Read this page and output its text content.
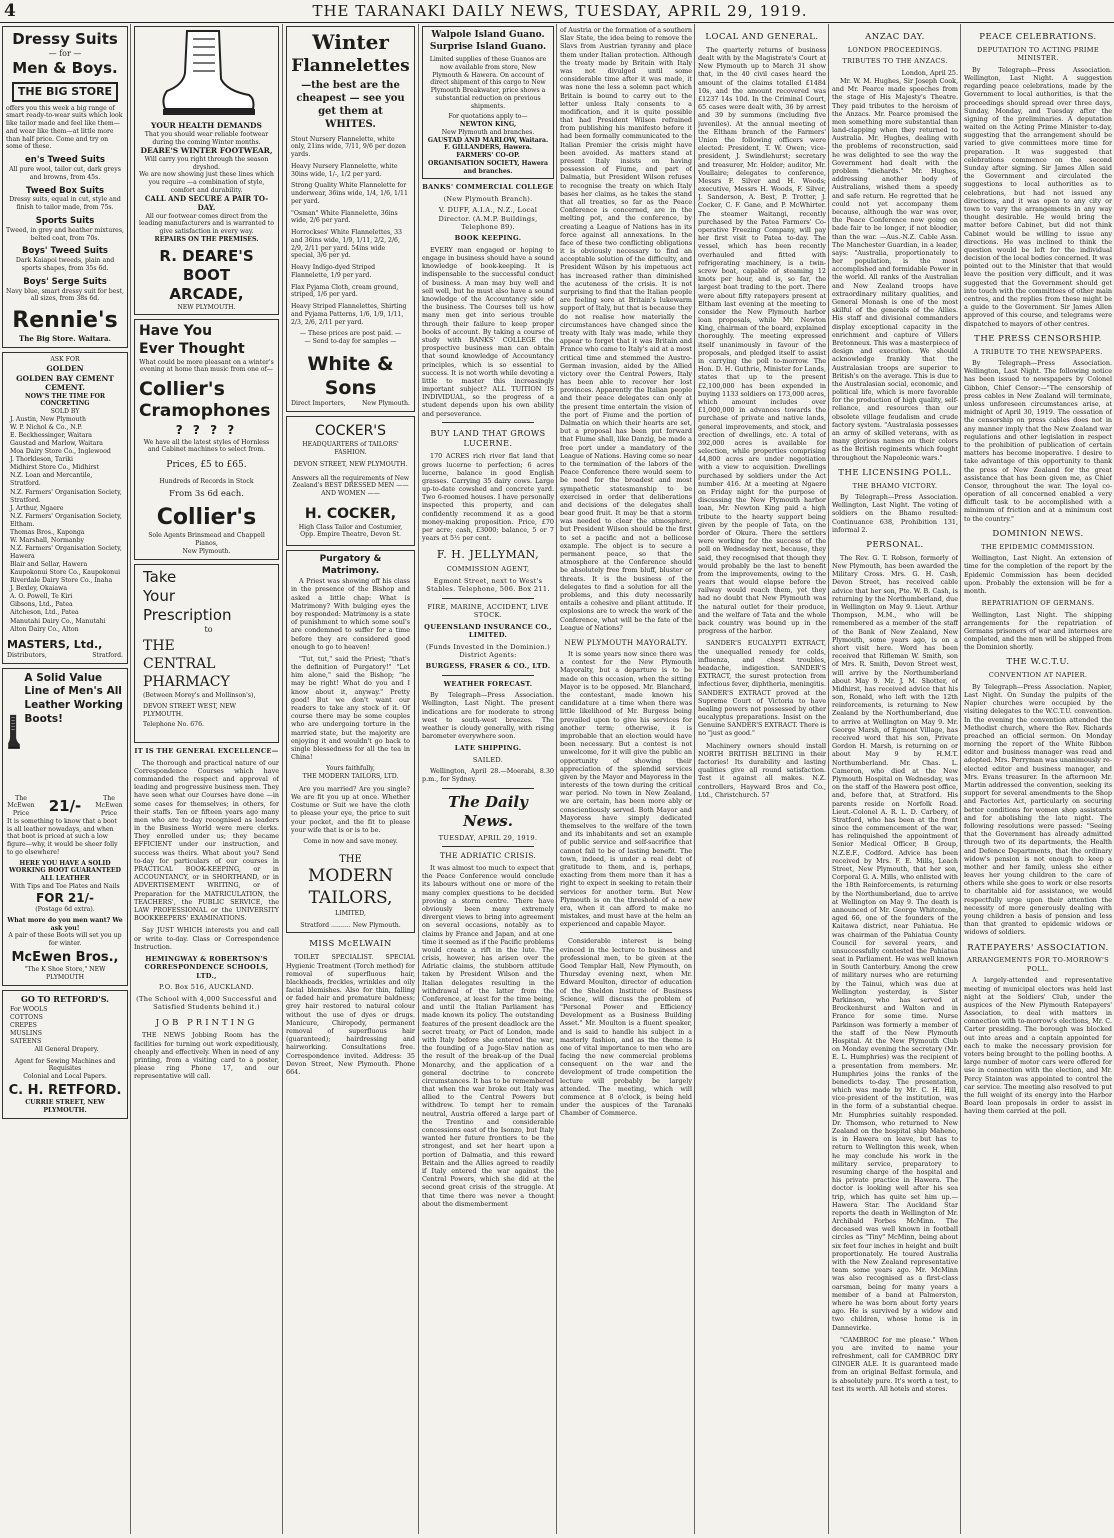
4	THE TARANAKI DAILY NEWS, TUESDAY, APRIL 29, 1919.
Dressy Suits
— for —
Men & Boys.
THE BIG STORE
offers you this week a big range of smart ready-to-wear suits which look like tailor made and feel like them—and wear like them—at little more than half price. Come and try on some of these.
en's Tweed Suits
All pure wool, tailor cut, dark greys and browns, from 45s.
Tweed Box Suits
Dressy suits, equal in cut, style and finish to tailor made, from 75s.
Sports Suits
Tweed, in grey and heather mixtures, belted coat, from 70s.
Boys' Tweed Suits
Dark Kaiapoi tweeds, plain and sports shapes, from 35s 6d.
Boys' Serge Suits
Navy blue, smart dressy suit for best, all sizes, from 38s 6d.
Rennie's
The Big Store. Waitara.
ASK FOR
GOLDEN
GOLDEN BAY CEMENT
CEMENT.
NOW'S THE TIME FOR CONCRETING
SOLD BY
J. Austin, New Plymouth
W. P. Nichol & Co., N.P.
E. Beckhessinger, Waitara
Gaustad and Marlow, Waitara
Moa Dairy Store Co., Inglewood
J. Thorkleson, Tariki
Midhirst Store Co., Midhirst
N.Z. Loan and Mercantile, Stratford.
N.Z. Farmers' Organisation Society, Stratford.
J. Arthur, Ngaere
N.Z. Farmers' Organisation Society, Eltham.
Thomas Bros., Kaponga
W. Marshall, Normanby
N.Z. Farmers' Organisation Society, Hawera
Blair and Sellar, Hawera
Kaupokonui Store Co., Kaupokonui
Riverdale Dairy Store Co., Inaha
J. Bexley, Okaiawa
A. O. Powell, Te Kiri
Gibsons, Ltd., Patea
Aitcheson, Ltd., Patea
Manutahi Dairy Co., Manutahi
Alton Dairy Co., Alton
MASTERS, Ltd.,
Distributors,	Stratford.
A Solid Value Line of Men's All Leather Working Boots!
The McEwen Price	21/-	The McEwen Price
It is something to know that a boot is all leather nowadays, and when that boot is priced at such a low figure—why, it would be sheer folly to go elsewhere!
HERE YOU HAVE A SOLID WORKING BOOT GUARANTEED ALL LEATHER
With Tips and Toe Plates and Nails
FOR 21/-
(Postage 6d extra).
What more do you men want? We ask you!
A pair of these Boots will set you up for winter.
McEwen Bros.,
"The K Shoe Store," NEW PLYMOUTH
GO TO RETFORD'S.
For WOOLS
COTTONS
CREPES
MUSLINS
SATEENS
All General Drapery.
Agent for Sewing Machines and Requisites
Colonial and Local Papers.
C. H. RETFORD.
CURRIE STREET, NEW PLYMOUTH.
YOUR HEALTH DEMANDS
That you should wear reliable footwear during the coming Winter months.
DEARE'S WINTER FOOTWEAR,
Will carry you right through the season dryshod.
We are now showing just these lines which you require —a combination of style, comfort and durability.
CALL AND SECURE A PAIR TO-DAY.
All our footwear comes direct from the leading manufacturers and is warranted to give satisfaction in every way.
REPAIRS ON THE PREMISES.
R. DEARE'S
BOOT
ARCADE,
NEW PLYMOUTH.
Have You
Ever Thought
What could be more pleasant on a winter's evening at home than music from one of—
Collier's
Cramophones
? ? ? ?
We have all the latest styles of Hornless and Cabinet machines to select from.
Prices, £5 to £65.
Hundreds of Records in Stock
From 3s 6d each.
Collier's
Sole Agents Brinsmead and Chappell Pianos,
New Plymouth.
Take
Your
Prescription
to
THE
CENTRAL
PHARMACY
(Between Morey's and Mollinson's),
DEVON STREET WEST, NEW PLYMOUTH.
Telephone No. 676.
IT IS THE GENERAL EXCELLENCE—

The thorough and practical nature of our Correspondence Courses which have commanded the respect and approval of leading and progressive business men. They have seen what our Courses have done —in some cases for themselves; in others, for their staffs. Ten or fifteen years ago many men who are to-day recognised as leaders in the Business World were mere clerks. They enrolled under us; they became EFFICIENT under our instruction, and success was theirs. What about you? Send to-day for particulars of our courses in PRACTICAL BOOK-KEEPING, or in ACCOUNTANCY, or in SHORTHAND, or in ADVERTISEMENT WRITING, or of Preparation for the MATRICULATION, the TEACHERS', the PUBLIC SERVICE, the LAW PROFESSIONAL or the UNIVERSITY BOOKKEEPERS' EXAMINATIONS.

Say JUST WHICH interests you and call or write to-day. Class or Correspondence Instruction.

HEMINGWAY & ROBERTSON'S CORRESPONDENCE SCHOOLS, LTD.,
P.O. Box 516, AUCKLAND.
(The School with 4,000 Successful and Satisfied Students behind it.)
JOB PRINTING

THE NEWS Jobbing Room has the facilities for turning out work expeditiously, cheaply and effectively. When in need of any printing, from a visiting card to a poster, please ring Phone 17, and our representative will call.

Winter
Flannelettes
—the best are the
cheapest — see you
get them at WHITES.
Stout Nursery Flannelette, white only, 21ins wide, 7/11, 9/6 per dozen yards.
Heavy Nursery Flannelette, white 30ins wide, 1/-, 1/2 per yard.
Strong Quality White Flannelette for underwear, 36ins wide, 1/4, 1/6, 1/11 per yard.
"Osman" White Flannelette, 36ins wide, 2/6 per yard.
Horrockses' White Flannelettes, 33 and 36ins wide, 1/9, 1/11, 2/2, 2/6, 2/9, 2/11 per yard. 54ins wide special, 3/6 per yd.
Heavy Indigo-dyed Striped Flannelette, 1/9 per yard.
Flax Pyjama Cloth, cream ground, striped, 1/6 per yard.
Heavy Striped Flannelettes, Shirting and Pyjama Patterns, 1/6, 1/9, 1/11, 2/3, 2/6, 2/11 per yard.
— These prices are post paid. —
— Send to-day for samples —
White & Sons
Direct Importers,	New Plymouth.
COCKER'S
HEADQUARTERS of TAILORS' FASHION.
DEVON STREET, NEW PLYMOUTH.
Answers all the requirements of New Zealand's BEST DRESSED MEN —— AND WOMEN ——
H. COCKER,
High Class Tailor and Costumier,
Opp. Empire Theatre, Devon St.
Purgatory & Matrimony.

A Priest was showing off his class in the presence of the Bishop and asked a little chap: What is Matrimony? With bulging eyes the boy responded: Matrimony is a state of punishment to which some soul's are condemned to suffer for a time before they are considered good enough to go to heaven!

"Tut, tut," said the Priest; "that's the definition of Purgatory!" "Let him alone," said the Bishop; "he may be right! What do you and I know about it, anyway." Pretty good! But we don't want our readers to take any stock of it. Of course there may be some couples who are undergoing torture in the married state, but the majority are enjoying it and wouldn't go back to single blessedness for all the tea in China!

Yours faithfully,
THE MODERN TAILORS, LTD.

Are you married? Are you single? We are fit you up at once. Whether Costume or Suit we have the cloth to please your eye, the price to suit your pocket, and the fit to please your wife that is or is to be.

Come in now and save money.
THE
MODERN
TAILORS,
LIMITED,
Stratford .......... New Plymouth.
MISS McELWAIN

TOILET SPECIALIST. SPECIAL Hygienic Treatment (Torch method) for removal of superfluous hair, blackheads, freckles, wrinkles and oily facial blemishes. Also for thin, falling or faded hair and premature baldness; grey hair restored to natural colour without the use of dyes or drugs. Manicure, Chiropody, permanent removal of superfluous hair (guaranteed); hairdressing and hairworking. Consultations free. Correspondence invited. Address: 35 Devon Street, New Plymouth. Phone 664.

Walpole Island Guano.
Surprise Island Guano.
Limited supplies of these Guanos are now available from store, New Plymouth & Hawera. On account of direct shipment of this cargo to New Plymouth Breakwater, price shows a substantial reduction on previous shipments.
For quotations apply to—
NEWTON KING,
New Plymouth and branches.
GAUSTAD AND MARLOW, Waitara.
F. GILLANDERS, Hawera.
FARMERS' CO-OP. ORGANISATION SOCIETY, Hawera and branches.
BANKS' COMMERCIAL COLLEGE
(New Plymouth Branch).
V. DUFF, A.I.A., N.Z., Local Director. (A.M.P. Buildings, Telephone 89).
BOOK KEEPING.

EVERY man engaged or hoping to engage in business should have a sound knowledge of book-keeping. It is indispensable to the successful conduct of business. A man may buy well and sell well, but he must also have a sound knowledge of the Accountancy side of the business. The Courses tell us how many men get into serious trouble through their failure to keep proper books of account. By taking a course of study with BANKS' COLLEGE the prospective business man can obtain that sound knowledge of Accountancy principles, which is so essential to success. It is not worth while devoting a little to master this increasingly important subject? ALL TUITION IS INDIVIDUAL, so the progress of a student depends upon his own ability and perseverance.

BUY LAND THAT GROWS LUCERNE.

170 ACRES rich river flat land that grows lucerne to perfection; 6 acres lucerne, balance in good English grasses. Carrying 35 dairy cows. Large up-to-date cowshed and concrete yard. Two 6-roomed houses. I have personally inspected this property, and can confidently recommend it as a good money-making proposition. Price, £70 per acre; cash, £3000; balance, 5 or 7 years at 5½ per cent.

F. H. JELLYMAN,
COMMISSION AGENT,
Egmont Street, next to West's Stables. Telephone, 506. Box 211.
FIRE, MARINE, ACCIDENT, LIVE STOCK.
QUEENSLAND INSURANCE CO., LIMITED.
(Funds Invested in the Dominion.) District Agents:
BURGESS, FRASER & CO., LTD.
WEATHER FORECAST.

By Telegraph—Press Association. Wellington, Last Night. The present indications are for moderate to strong west to south-west breezes. The weather is cloudy generally, with rising barometer everywhere soon.

LATE SHIPPING.
SAILED.

Wellington, April 28.—Moerabi, 8.30 p.m., for Sydney.

The Daily News.
TUESDAY, APRIL 29, 1919.
THE ADRIATIC CRISIS.

It was almost too much to expect that the Peace Conference would conclude its labours without one or more of the many complex questions to be decided proving a storm centre. There have obviously been many extremely divergent views to bring into agreement on several occasions, notably as to claims by France and Japan, and at one time it seemed as if the Pacific problems would create a rift in the lute. The crisis, however, has arisen over the Adriatic claims, the stubborn attitude taken by President Wilson and the Italian delegates resulting in the withdrawal of the latter from the Conference, at least for the time being, and until the Italian Parliament has made known its policy. The outstanding features of the present deadlock are the secret treaty, or Pact of London, made with Italy before she entered the war, the founding of a Jugo-Slav nation as the result of the break-up of the Dual Monarchy, and the application of a general doctrine to concrete circumstances. It has to be remembered that when the war broke out Italy was allied to the Central Powers but withdrew. To tempt her to remain neutral, Austria offered a large part of the Trentino and considerable concessions east of the Isonzo, but Italy wanted her future frontiers to be the strongest, and set her heart upon a portion of Dalmatia, and this reward Britain and the Allies agreed to readily if Italy entered the war against the Central Powers, which she did at the second great crisis of the struggle. At that time there was never a thought about the dismemberment

of Austria or the formation of a southern Slav State, the idea being to remove the Slavs from Austrian tyranny and place them under Italian protection. Although the treaty made by Britain with Italy was not divulged until some considerable time after it was made, it was none the less a solemn pact which Britain is bound to carry out to the letter unless Italy consents to a modification, and it is quite possible that had President Wilson refrained from publishing his manifesto before it had been formally communicated to the Italian Premier the crisis might have been avoided. As matters stand at present Italy insists on having possession of Fiume, and part of Dalmatia, but President Wilson refuses to recognise the treaty on which Italy bases her claims, as he takes the stand that all treaties, so far as the Peace Conference is concerned, are in the melting pot, and the conference, by creating a League of Nations has in its force against all annexations. In the face of these two conflicting obligations it is obviously necessary to find an acceptable solution of the difficulty, and President Wilson by his impetuous act has increased rather than diminished the acuteness of the crisis. It is not surprising to find that the Italian people are feeling sore at Britain's lukewarm support of Italy, but that is because they do not realise how materially the circumstances have changed since the treaty with Italy was made, while they appear to forget that it was Britain and France who came to Italy's aid at a most critical time and stemmed the Austro-German invasion, aided by the Allied victory over the Central Powers, Italy has been able to recover her lost provinces. Apparently the Italian people and their peace delegates can only at the present time entertain the vision of the port of Fiume and the portion of Dalmatia on which their hearts are set, but a proposal has been put forward that Fiume shall, like Danzig, be made a free port under a mandatory of the League of Nations. Having come so near to the termination of the labors of the Peace Conference there would seem to be need for the broadest and most sympathetic statesmanship to be exercised in order that deliberations and decisions of the delegates shall bear good fruit. It may be that a storm was needed to clear the atmosphere, but President Wilson should be the first to set a pacific and not a bellicose example. The object is to secure a permanent peace, so that the atmosphere at the Conference should be absolutely free from bluff, bluster or threats. It is the business of the delegates to find a solution for all the problems, and this duty necessarily entails a cohesive and pliant attitude. If explosions are to wreck the work of the Conference, what will be the fate of the League of Nations?

NEW PLYMOUTH MAYORALTY.

It is some years now since there was a contest for the New Plymouth Mayoralty, but a departure is to be made on this occasion, when the sitting Mayor is to be opposed. Mr. Blanchard, the contestant, made known his candidature at a time when there was little likelihood of Mr. Burgess being prevailed upon to give his services for another term; otherwise, it is improbable that an election would have been necessary. But a contest is not unwelcome, for it will give the public an opportunity of showing their appreciation of the splendid services given by the Mayor and Mayoress in the interests of the town during the critical war period. No town in New Zealand, we are certain, has been more ably or conscientiously served. Both Mayor and Mayoress have simply dedicated themselves to the welfare of the town and its inhabitants and set an example of public service and self-sacrifice that cannot fail to be of lasting benefit. The town, indeed, is under a real debt of gratitude to them, and is, perhaps, exacting from them more than it has a right to expect in seeking to retain their services for another term. But New Plymouth is on the threshold of a new era, when it can afford to make no mistakes, and must have at the helm an experienced and capable Mayor.

Considerable interest is being evinced in the lecture to business and professional men, to be given at the Good Templar Hall, New Plymouth, on Thursday evening next, when Mr. Edward Moulton, director of education of the Sheldon Institute of Business Science, will discuss the problem of "Personal Power and Efficiency Development as a Business Building Asset." Mr. Moulton is a fluent speaker, and is said to handle his subject in a masterly fashion, and as the theme is one of vital importance to men who are facing the new commercial problems consequent on the war and the development of trade competition the lecture will probably be largely attended. The meeting, which will commence at 8 o'clock, is being held under the auspices of the Taranaki Chamber of Commerce.

LOCAL AND GENERAL.

The quarterly returns of business dealt with by the Magistrate's Court at New Plymouth up to March 31 show that, in the 40 civil cases heard the amount of the claims totalled £1484 10s, and the amount recovered was £1237 14s 10d. In the Criminal Court, 65 cases were dealt with, 36 by arrest and 39 by summons (including five juveniles). At the annual meeting of the Eltham branch of the Farmers' Union the following officers were elected: President, T. W. Owen; vice-president, J. Swindlehurst; secretary and treasurer, Mr. Holder; auditor, Mr. Voullaire; delegates to conference, Messrs F. Silver and H. Woods; executive, Messrs H. Woods, F. Silver, J. Sanderson, A. Best, P. Trotter, J. Cocker, C. F. Gane, and P. McWhirter. The steamer Waitangi, recently purchased by the Patea Farmers' Co-operative Freezing Company, will pay her first visit to Patea to-day. The vessel, which has been recently overhauled and fitted with refrigerating machinery, is a twin-screw boat, capable of steaming 12 knots per hour, and is, so far, the largest boat trading to the port. There were about fifty ratepayers present at Eltham last evening at the meeting to consider the New Plymouth harbor loan proposals, while Mr. Newton King, chairman of the board, explained thoroughly. The meeting expressed itself unanimously in favour of the proposals, and pledged itself to assist in carrying the poll to-morrow. The Hon. D. H. Guthrie, Minister for Lands, states that up to the present £2,100,000 has been expended in buying 1133 soldiers on 173,000 acres, which amount includes over £1,000,000 in advances towards the purchase of private and native lands, general improvements, and stock, and erection of dwellings, etc. A total of 392,000 acres is available for selection, while properties comprising 44,800 acres are under negotiation with a view to acquisition. Dwellings purchased by soldiers under the Act number 416. At a meeting at Ngaere on Friday night for the purpose of discussing the New Plymouth harbor loan, Mr. Newton King paid a high tribute to the hearty support being given by the people of Tata, on the border of Okura. There the settlers were working for the success of the poll on Wednesday next, because, they said, they recognised that though they would probably be the last to benefit from the improvements, owing to the years that would elapse before the railway would reach them, yet they had no doubt that New Plymouth was the natural outlet for their produce, and the welfare of Tata and the whole back country was bound up in the progress of the harbor.

SANDER'S EUCALYPTI EXTRACT, the unequalled remedy for colds, influenza, and chest troubles, headache, indigestion. SANDER'S EXTRACT, the surest protection from infectious fever, diphtheria, meningitis. SANDER'S EXTRACT proved at the Supreme Court of Victoria to have healing powers not possessed by other eucalyptus preparations. Insist on the Genuine SANDER'S EXTRACT. There is no "just as good."

Machinery owners should install NORTH BRITISH BELTING in their factories! Its durability and lasting qualities give all round satisfaction. Test it against all makes. N.Z. controllers, Hayward Bros and Co., Ltd., Christchurch. 57

ANZAC DAY.
LONDON PROCEEDINGS.
TRIBUTES TO THE ANZACS.
London, April 25.

Mr. W. M. Hughes, Sir Joseph Cook, and Mr. Pearce made speeches from the stage of His Majesty's Theatre. They paid tributes to the heroism of the Anzacs. Mr. Pearce promised the men something more substantial than land-clapping when they returned to Australia. Mr. Hughes, dealing with the problems of reconstruction, said he was delighted to see the way the Government had dealt with the problem "diehards." Mr. Hughes, addressing another body of Australians, wished them a speedy and safe return. He regretted that he could not yet accompany them because, although the war was over, the Peace Conference now going on bade fair to be longer, if not bloodier, than the war. —Aus.-N.Z. Cable Assn. The Manchester Guardian, in a leader, says: "Australia, proportionately to her population, is the most accomplished and formidable Power in the world. All ranks of the Australian and New Zealand troops have extraordinary military qualities, and General Monash is one of the most skilful of the generals of the Allies. His staff and divisional commanders display exceptional capacity in the enrichment and capture of Villers Bretonneux. This was a masterpiece of design and execution. We should acknowledge frankly that the Australasian troops are superior to British's on the average. This is due to the Australasian social, economic, and political life, which is more favorable for the production of high quality, self-reliance, and resources than our obsolete village feudalism and crude factory system. "Australasia possesses an army of skilled veterans, with as many glorious names on their colors as the British regiments which fought throughout the Napoleonic wars."

THE LICENSING POLL.
THE BHAMO VICTORY.

By Telegraph—Press Association. Wellington, Last Night. The voting of soldiers on the Bhamo resulted: Continuance 638, Prohibition 131, informal 2.

PERSONAL.

The Rev. G. T. Robson, formerly of New Plymouth, has been awarded the Military Cross. Mrs. G. H. Cash, Devon Street, has received cable advice that her son, Pte. W. B. Cash, is returning by the Northumberland, due in Wellington on May 9. Lieut. Arthur Thompson, M.M., who will be remembered as a member of the staff of the Bank of New Zealand, New Plymouth, some years ago, is on a short visit here. Word has been received that Rifleman W. Smith, son of Mrs. R. Smith, Devon Street west, will arrive by the Northumberland about May 9. Mr. J. M. Shotter, of Midhirst, has received advice that his son, Ronald, who left with the 12th reinforcements, is returning to New Zealand by the Northumberland, due to arrive at Wellington on May 9. Mr. George Marsh, of Egmont Village, has received word that his son, Private Gordon H. Marsh, is returning on or about May 9 by H.M.T. Northumberland. Mr. Chas. L. Cameron, who died at the New Plymouth Hospital on Wednesday, was on the staff of the Hawera post office, and, before that, at Stratford. His parents reside on Norfolk Road. Lieut.-Colonel A. R. L. D. Carbery, of Stratford, who has been at the front since the commencement of the war, has relinquished the appointment of Senior Medical Officer, B Group, N.Z.E.F., Codford. Advice has been received by Mrs. F. E. Mills, Leach Street, New Plymouth, that her son, Corporal G. A. Mills, who enlisted with the 18th Reinforcements, is returning by the Northumberland, due to arrive at Wellington on May 9. The death is announced of Mr. George Whitcombe, aged 66, one of the founders of the Kaitawa district, near Pahiatua. He was chairman of the Pahiatua County Council for several years, and unsuccessfully contested the Pahiatua seat in Parliament. He was well known in South Canterbury. Among the crew of military nurses who are returning by the Tainui, which was due at Wellington yesterday, is Sister Parkinson, who has served at Brockenhurst and Walton and in France for some time. Nurse Parkinson was formerly a member of the staff of the New Plymouth Hospital. At the New Plymouth Club on Monday evening the secretary (Mr. E. L. Humphries) was the recipient of a presentation from members. Mr. Humphries joins the ranks of the benedicts to-day. The presentation, which was made by Mr. C. H. Hill, vice-president of the institution, was in the form of a substantial cheque. Mr. Humphries suitably responded. Dr. Thomson, who returned to New Zealand on the hospital ship Maheno, is in Hawera on leave, but has to return to Wellington this week, when he may conclude his work in the military service, preparatory to resuming charge of the hospital and his private practice in Hawera. The doctor is looking well after his sea trip, which has quite set him up.—Hawera Star. The Auckland Star reports the death in Wellington of Mr. Archibald Forbes McMinn. The deceased was well known in football circles as "Tiny" McMinn, being about six feet four inches in height and built proportionately. He toured Australia with the New Zealand representative team some years ago. Mr. McMinn was also recognised as a first-class oarsman, being for many years a member of a band at Palmerston, where he was born about forty years ago. He is survived by a widow and two children, whose home is in Dannevirke.

"CAMBROC for me please." When you are invited to name your refreshment, call for CAMBROC DRY GINGER ALE. It is guaranteed made from an original Belfast formula, and is absolutely pure. It's worth a test, to test its worth. All hotels and stores.

PEACE CELEBRATIONS.
DEPUTATION TO ACTING PRIME MINISTER.

By Telegraph—Press Association. Wellington, Last Night. A suggestion regarding peace celebrations, made by the Government to local authorities, is that the proceedings should spread over three days, Sunday, Monday, and Tuesday after the signing of the preliminaries. A deputation waited on the Acting Prime Minister to-day, suggesting that the arrangement should be varied to give committees more time for preparation. It was suggested that celebrations commence on the second Sunday after signing. Sir James Allen said the Government and circulated the suggestions to local authorities as to celebrations, but had not issued any directions, and it was open to any city or town to vary the arrangements in any way thought desirable. He would bring the matter before Cabinet, but did not think Cabinet would be willing to issue any directions. He was inclined to think the question would be left for the individual decision of the local bodies concerned. It was pointed out to the Minister that that would leave the position very difficult, and it was suggested that the Government should get into touch with the committees of other main centres, and the replies from these might be a guide to the Government. Sir James Allen approved of this course, and telegrams were dispatched to mayors of other centres.

THE PRESS CENSORSHIP.
A TRIBUTE TO THE NEWSPAPERS.

By Telegraph—Press Association. Wellington, Last Night. The following notice has been issued to newspapers by Colonel Gibbon, Chief Censor:—"The censorship of press cables in New Zealand will terminate, unless unforeseen circumstances arise, at midnight of April 30, 1919. The cessation of the censorship on press cables does not in any manner imply that the New Zealand war regulations and other legislation in respect to the prohibition of publication of certain matters has become inoperative. I desire to take advantage of this opportunity to thank the press of New Zealand for the great assistance that has been given me, as Chief Censor, throughout the war. The loyal co-operation of all concerned enabled a very difficult task to be accomplished with a minimum of friction and at a minimum cost to the country."

DOMINION NEWS.
THE EPIDEMIC COMMISSION.

Wellington, Last Night. An extension of time for the completion of the report by the Epidemic Commission has been decided upon. Probably the extension will be for a month.

REPATRIATION OF GERMANS.

Wellington, Last Night. The shipping arrangements for the repatriation of Germans prisoners of war and internees are completed, and the men will be shipped from the Dominion shortly.

THE W.C.T.U.
CONVENTION AT NAPIER.

By Telegraph—Press Association. Napier, Last Night. On Sunday the pulpits of the Napier churches were occupied by the visiting delegates to the W.C.T.U. convention. In the evening the convention attended the Methodist church, where the Rev. Richards preached an official sermon. On Monday morning the report of the White Ribbon editor and business manager was read and adopted. Mrs. Perryman was unanimously re-elected editor and business manager, and Mrs. Evans treasurer. In the afternoon Mr. Martin addressed the convention, seeking its support for several amendments to the Shop and Factories Act, particularly on securing better conditions for women shop assistants and for abolishing the late night. The following resolutions were passed: "Seeing that the Government has already admitted through two of its departments, the Health and Defence Departments, that the ordinary widow's pension is not enough to keep a mother and her family, unless she either leaves her young children to the care of others while she goes to work or else resorts to charitable aid for assistance, we would respectfully urge upon their attention the necessity of more generously dealing with young children a basis of pension and less than that granted to epidemic widows or widows of soldiers.

RATEPAYERS' ASSOCIATION.
ARRANGEMENTS FOR TO-MORROW'S POLL.

A largely-attended and representative meeting of municipal electors was held last night at the Soldiers' Club, under the auspices of the New Plymouth Ratepayers' Association, to deal with matters in connection with to-morrow's elections, Mr. C. Carter presiding. The borough was blocked out into areas and a captain appointed for each to make the necessary provision for voters being brought to the polling booths. A large number of motor cars were offered for use in connection with the election, and Mr. Percy Stainton was appointed to control the car service. The meeting also resolved to put the full weight of its energy into the Harbor Board loan proposals in order to assist in having them carried at the poll.
